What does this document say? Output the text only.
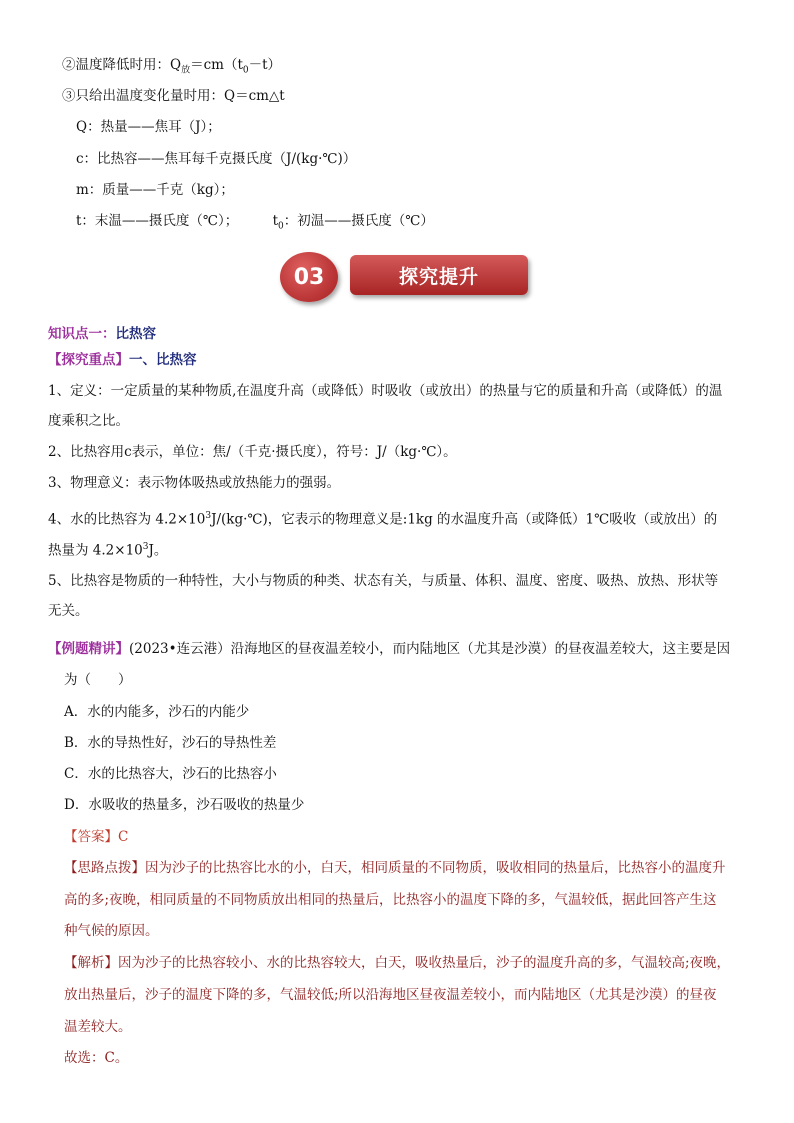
②温度降低时用：$Q_放=cm(t_0-t)$
③只给出温度变化量时用：Q＝cm△t
Q：热量——焦耳（J）；
c：比热容——焦耳每千克摄氏度（J/(kg·℃)）
m：质量——千克（kg）；
t：末温——摄氏度（℃）；	$t_0$：初温——摄氏度（℃）
03	探究提升
知识点一：比热容
【探究重点】一、比热容
1、定义：一定质量的某种物质,在温度升高（或降低）时吸收（或放出）的热量与它的质量和升高（或降低）的温
度乘积之比。
2、比热容用c表示，单位：焦/（千克·摄氏度），符号：J/（kg·℃）。
3、物理意义：表示物体吸热或放热能力的强弱。
4、水的比热容为 $4.2\times 10^3J/(kg\cdot℃)$，它表示的物理意义是:1kg 的水温度升高（或降低）1℃吸收（或放出）的
热量为 $4.2\times 10^3J$。
5、比热容是物质的一种特性，大小与物质的种类、状态有关，与质量、体积、温度、密度、吸热、放热、形状等
无关。
【例题精讲】(2023•连云港）沿海地区的昼夜温差较小，而内陆地区（尤其是沙漠）的昼夜温差较大，这主要是因
为（　　）
A．水的内能多，沙石的内能少
B．水的导热性好，沙石的导热性差
C．水的比热容大，沙石的比热容小
D．水吸收的热量多，沙石吸收的热量少
【答案】C
【思路点拨】因为沙子的比热容比水的小，白天，相同质量的不同物质，吸收相同的热量后，比热容小的温度升
高的多;夜晚，相同质量的不同物质放出相同的热量后，比热容小的温度下降的多，气温较低，据此回答产生这
种气候的原因。
【解析】因为沙子的比热容较小、水的比热容较大，白天，吸收热量后，沙子的温度升高的多，气温较高;夜晚，
放出热量后，沙子的温度下降的多，气温较低;所以沿海地区昼夜温差较小，而内陆地区（尤其是沙漠）的昼夜
温差较大。
故选：C。
